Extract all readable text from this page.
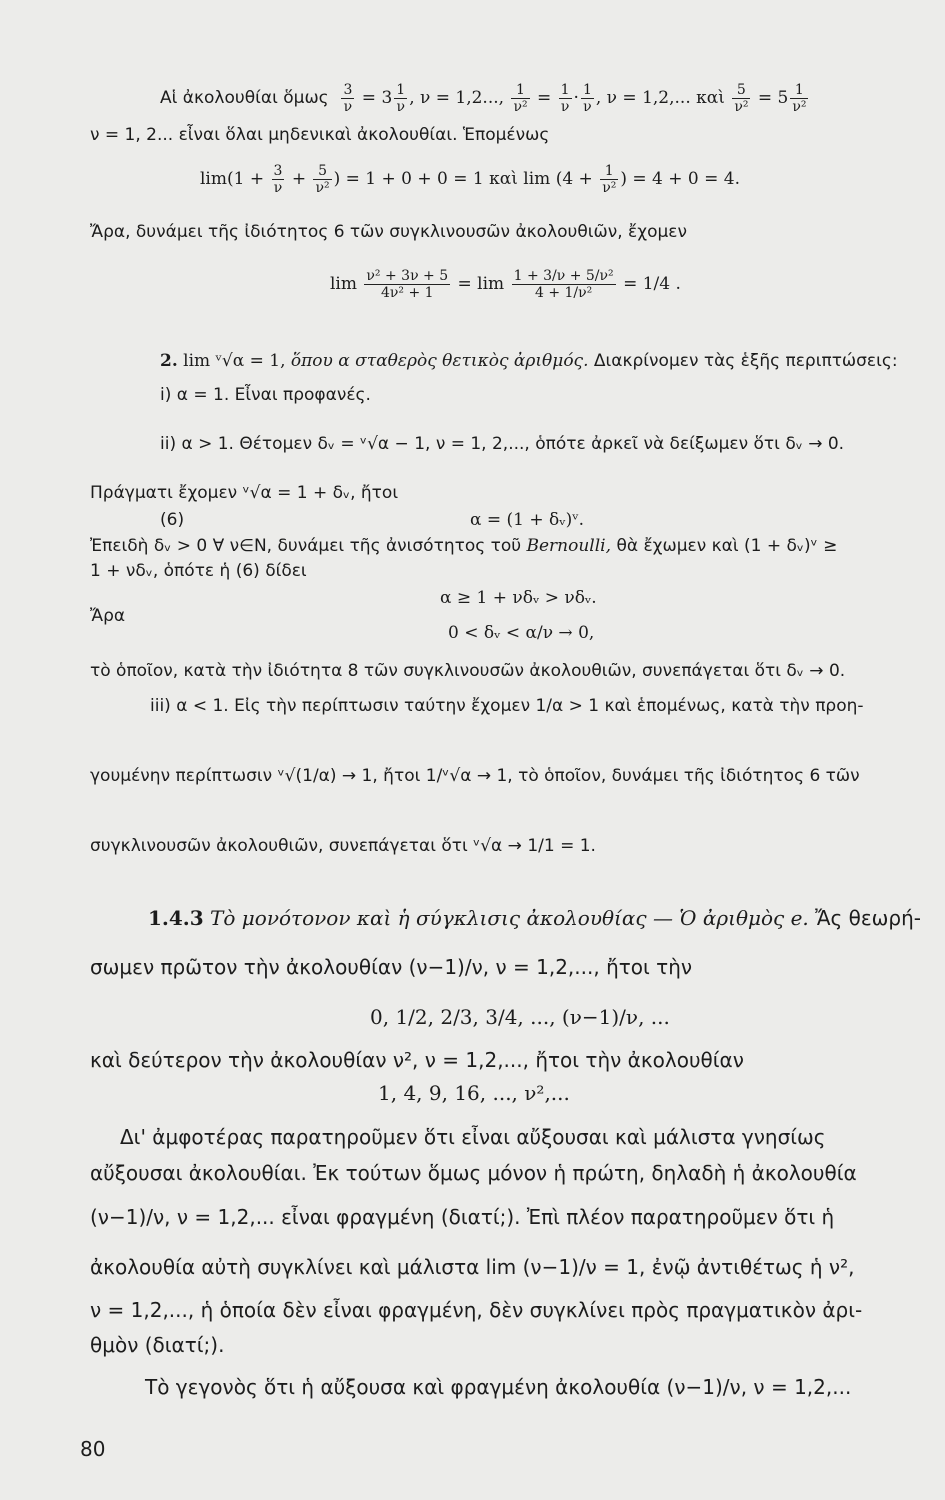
Αἱ ἀκολουθίαι ὅμως $\frac{3}{\nu} = 3 \frac{1}{\nu}$ , ν = 1,2..., $\frac{1}{\text{ν²}} = \frac{1}{\nu} \cdot \frac{1}{\nu}$ , ν = 1,2,... καὶ $\frac{5}{\text{ν²}} = 5 \frac{1}{\text{ν²}}$
ν = 1, 2... εἶναι ὅλαι μηδενικαὶ ἀκολουθίαι. Ἑπομένως
$\lim(1 + \frac{3}{\nu} + \frac{5}{\text{ν²}}$ ) = 1 + 0 + 0 = 1 καὶ $\lim (4 + \frac{1}{\text{ν²}}$ ) = 4 + 0 = 4.
Ἄρα, δυνάμει τῆς ἰδιότητος 6 τῶν συγκλινουσῶν ἀκολουθιῶν, ἔχομεν
$\lim \frac{\text{ν² + 3ν + 5}}{\text{4ν² + 1}} = \lim \frac{\text{1 + 3/ν + 5/ν²}}{\text{4 + 1/ν²}} = 1/4$ .
2. lim ᵛ√α = 1, ὅπου α σταθερὸς θετικὸς ἀριθμός. Διακρίνομεν τὰς ἑξῆς περιπτώσεις:
i) α = 1. Εἶναι προφανές.
ii) α > 1. Θέτομεν δᵥ = ᵛ√α − 1, ν = 1, 2,..., ὁπότε ἀρκεῖ νὰ δείξωμεν ὅτι δᵥ → 0.
Πράγματι ἔχομεν ᵛ√α = 1 + δᵥ, ἤτοι
(6)	α = (1 + δᵥ)ᵛ.
Ἐπειδὴ δᵥ > 0 ∀ ν∈N, δυνάμει τῆς ἀνισότητος τοῦ Bernoulli, θὰ ἔχωμεν καὶ (1 + δᵥ)ᵛ ≥
1 + νδᵥ, ὁπότε ἡ (6) δίδει
α ≥ 1 + νδᵥ > νδᵥ.
Ἄρα
0 < δᵥ < α/ν → 0,
τὸ ὁποῖον, κατὰ τὴν ἰδιότητα 8 τῶν συγκλινουσῶν ἀκολουθιῶν, συνεπάγεται ὅτι δᵥ → 0.
iii) α < 1. Εἰς τὴν περίπτωσιν ταύτην ἔχομεν 1/α > 1 καὶ ἑπομένως, κατὰ τὴν προη-
γουμένην περίπτωσιν ᵛ√(1/α) → 1, ἤτοι 1/ᵛ√α → 1, τὸ ὁποῖον, δυνάμει τῆς ἰδιότητος 6 τῶν
συγκλινουσῶν ἀκολουθιῶν, συνεπάγεται ὅτι ᵛ√α → 1/1 = 1.
1.4.3 Τὸ μονότονον καὶ ἡ σύγκλισις ἀκολουθίας — Ὁ ἀριθμὸς e. Ἄς θεωρή-
σωμεν πρῶτον τὴν ἀκολουθίαν (ν−1)/ν, ν = 1,2,..., ἤτοι τὴν
0, 1/2, 2/3, 3/4, ..., (ν−1)/ν, ...
καὶ δεύτερον τὴν ἀκολουθίαν ν², ν = 1,2,..., ἤτοι τὴν ἀκολουθίαν
1, 4, 9, 16, ..., ν²,...
Δι' ἀμφοτέρας παρατηροῦμεν ὅτι εἶναι αὔξουσαι καὶ μάλιστα γνησίως
αὔξουσαι ἀκολουθίαι. Ἐκ τούτων ὅμως μόνον ἡ πρώτη, δηλαδὴ ἡ ἀκολουθία
(ν−1)/ν, ν = 1,2,... εἶναι φραγμένη (διατί;). Ἐπὶ πλέον παρατηροῦμεν ὅτι ἡ
ἀκολουθία αὐτὴ συγκλίνει καὶ μάλιστα lim (ν−1)/ν = 1, ἐνῷ ἀντιθέτως ἡ ν²,
ν = 1,2,..., ἡ ὁποία δὲν εἶναι φραγμένη, δὲν συγκλίνει πρὸς πραγματικὸν ἀρι-
θμὸν (διατί;).
Τὸ γεγονὸς ὅτι ἡ αὔξουσα καὶ φραγμένη ἀκολουθία (ν−1)/ν, ν = 1,2,...
80
